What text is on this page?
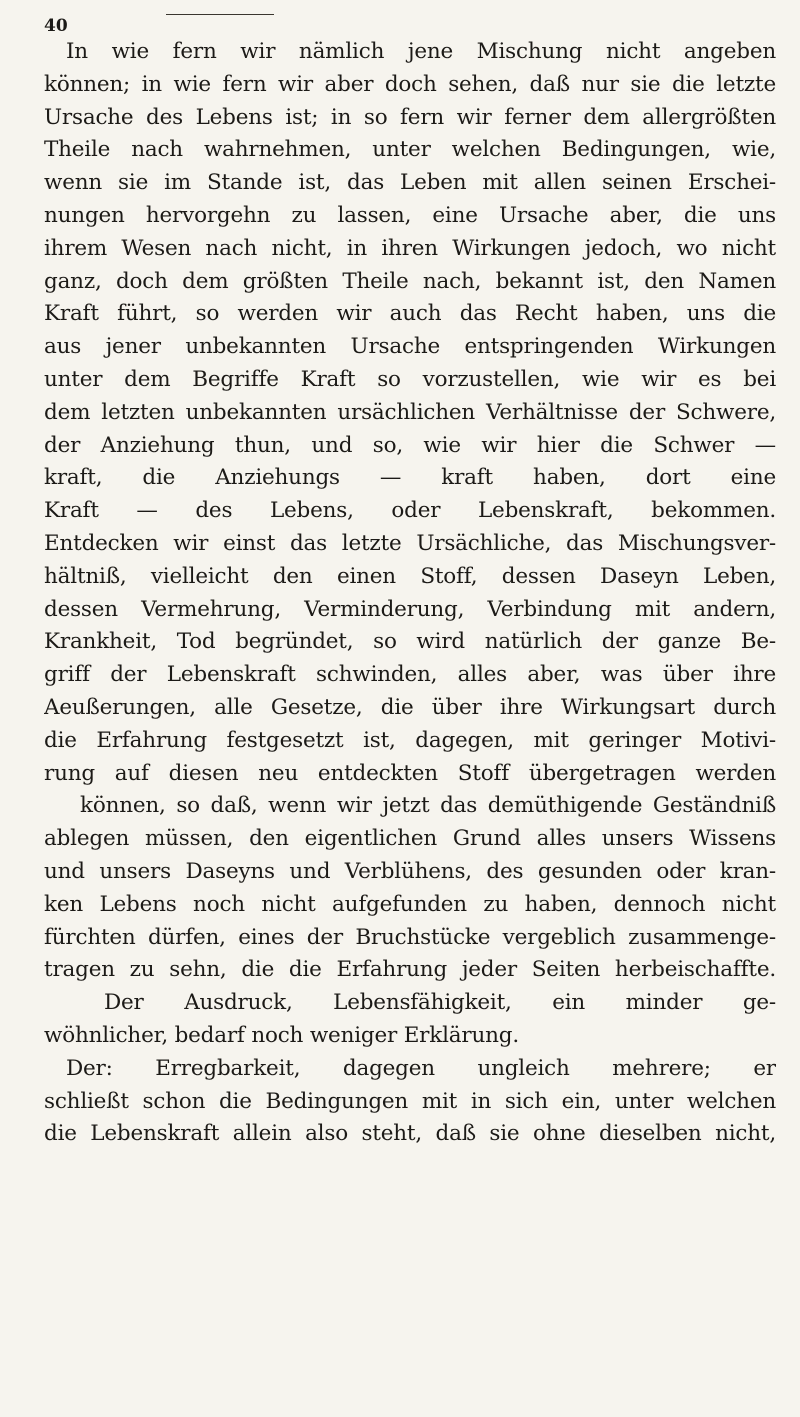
40
In wie fern wir nämlich jene Mischung nicht angeben
können; in wie fern wir aber doch sehen, daß nur sie die letzte
Ursache des Lebens ist; in so fern wir ferner dem allergrößten
Theile nach wahrnehmen, unter welchen Bedingungen, wie,
wenn sie im Stande ist, das Leben mit allen seinen Erschei-
nungen hervorgehn zu lassen, eine Ursache aber, die uns
ihrem Wesen nach nicht, in ihren Wirkungen jedoch, wo nicht
ganz, doch dem größten Theile nach, bekannt ist, den Namen
Kraft führt, so werden wir auch das Recht haben, uns die
aus jener unbekannten Ursache entspringenden Wirkungen
unter dem Begriffe Kraft so vorzustellen, wie wir es bei
dem letzten unbekannten ursächlichen Verhältnisse der Schwere,
der Anziehung thun, und so, wie wir hier die Schwer —
kraft, die Anziehungs — kraft haben, dort eine
Kraft — des Lebens, oder Lebenskraft, bekommen.
Entdecken wir einst das letzte Ursächliche, das Mischungsver-
hältniß, vielleicht den einen Stoff, dessen Daseyn Leben,
dessen Vermehrung, Verminderung, Verbindung mit andern,
Krankheit, Tod begründet, so wird natürlich der ganze Be-
griff der Lebenskraft schwinden, alles aber, was über ihre
Aeußerungen, alle Gesetze, die über ihre Wirkungsart durch
die Erfahrung festgesetzt ist, dagegen, mit geringer Motivi-
rung auf diesen neu entdeckten Stoff übergetragen werden
können, so daß, wenn wir jetzt das demüthigende Geständniß
ablegen müssen, den eigentlichen Grund alles unsers Wissens
und unsers Daseyns und Verblühens, des gesunden oder kran-
ken Lebens noch nicht aufgefunden zu haben, dennoch nicht
fürchten dürfen, eines der Bruchstücke vergeblich zusammenge-
tragen zu sehn, die die Erfahrung jeder Seiten herbeischaffte.
Der Ausdruck, Lebensfähigkeit, ein minder ge-
wöhnlicher, bedarf noch weniger Erklärung.
Der: Erregbarkeit, dagegen ungleich mehrere; er
schließt schon die Bedingungen mit in sich ein, unter welchen
die Lebenskraft allein also steht, daß sie ohne dieselben nicht,
